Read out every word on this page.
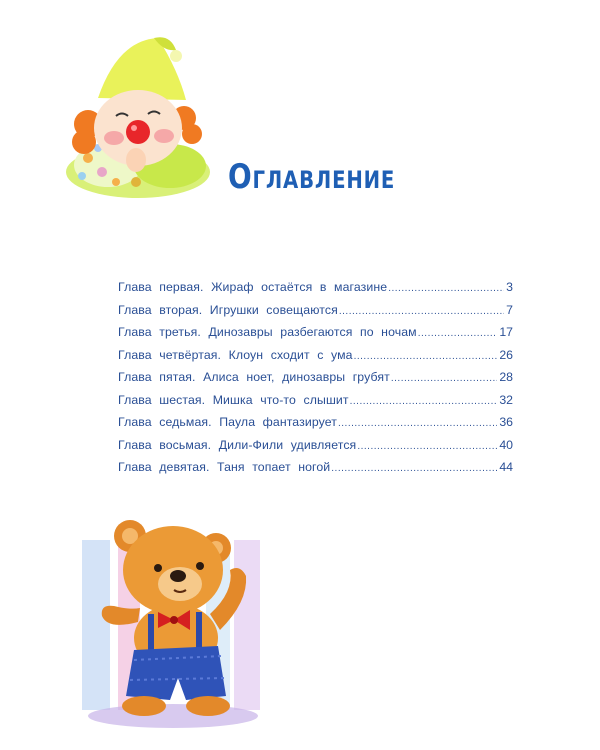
Оглавление
Глава первая. Жираф остаётся в магазине .....	3
Глава вторая. Игрушки совещаются .....	7
Глава третья. Динозавры разбегаются по ночам .....	17
Глава четвёртая. Клоун сходит с ума .....	26
Глава пятая. Алиса ноет, динозавры грубят .....	28
Глава шестая. Мишка что-то слышит .....	32
Глава седьмая. Паула фантазирует .....	36
Глава восьмая. Дили-Фили удивляется .....	40
Глава девятая. Таня топает ногой .....	44
